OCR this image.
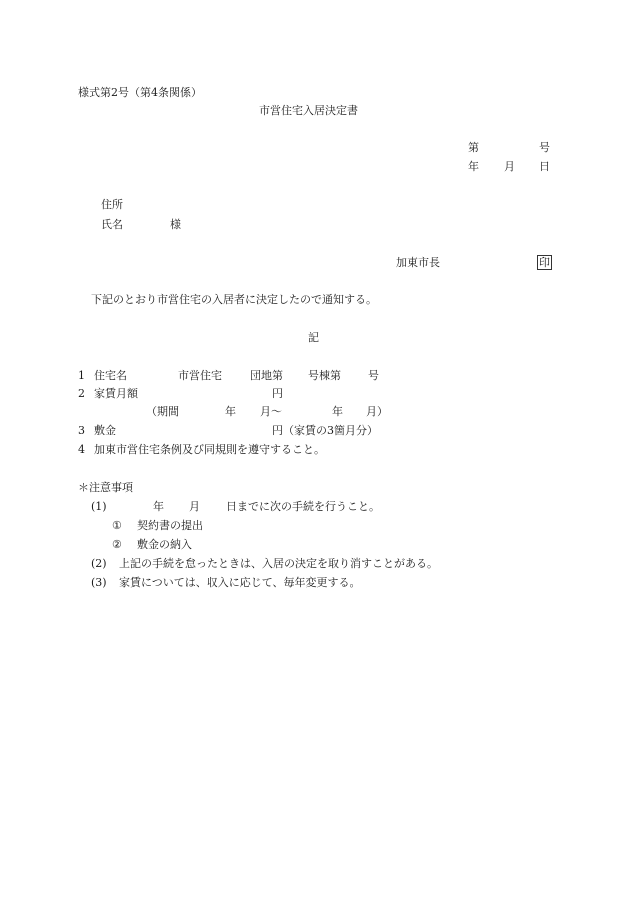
様式第2号（第4条関係）
市営住宅入居決定書
第	号
年 月 日
住所
氏名	様
加東市長	印
下記のとおり市営住宅の入居者に決定したので通知する。
記
1 住宅名	市営住宅	団地第 号棟第 号
2 家賃月額	円
（期間	年 月〜	年 月）
3 敷金	円（家賃の3箇月分）
4 加東市営住宅条例及び同規則を遵守すること。
＊注意事項
(1)	年 月 日までに次の手続を行うこと。
① 契約書の提出
② 敷金の納入
(2) 上記の手続を怠ったときは、入居の決定を取り消すことがある。
(3) 家賃については、収入に応じて、毎年変更する。
